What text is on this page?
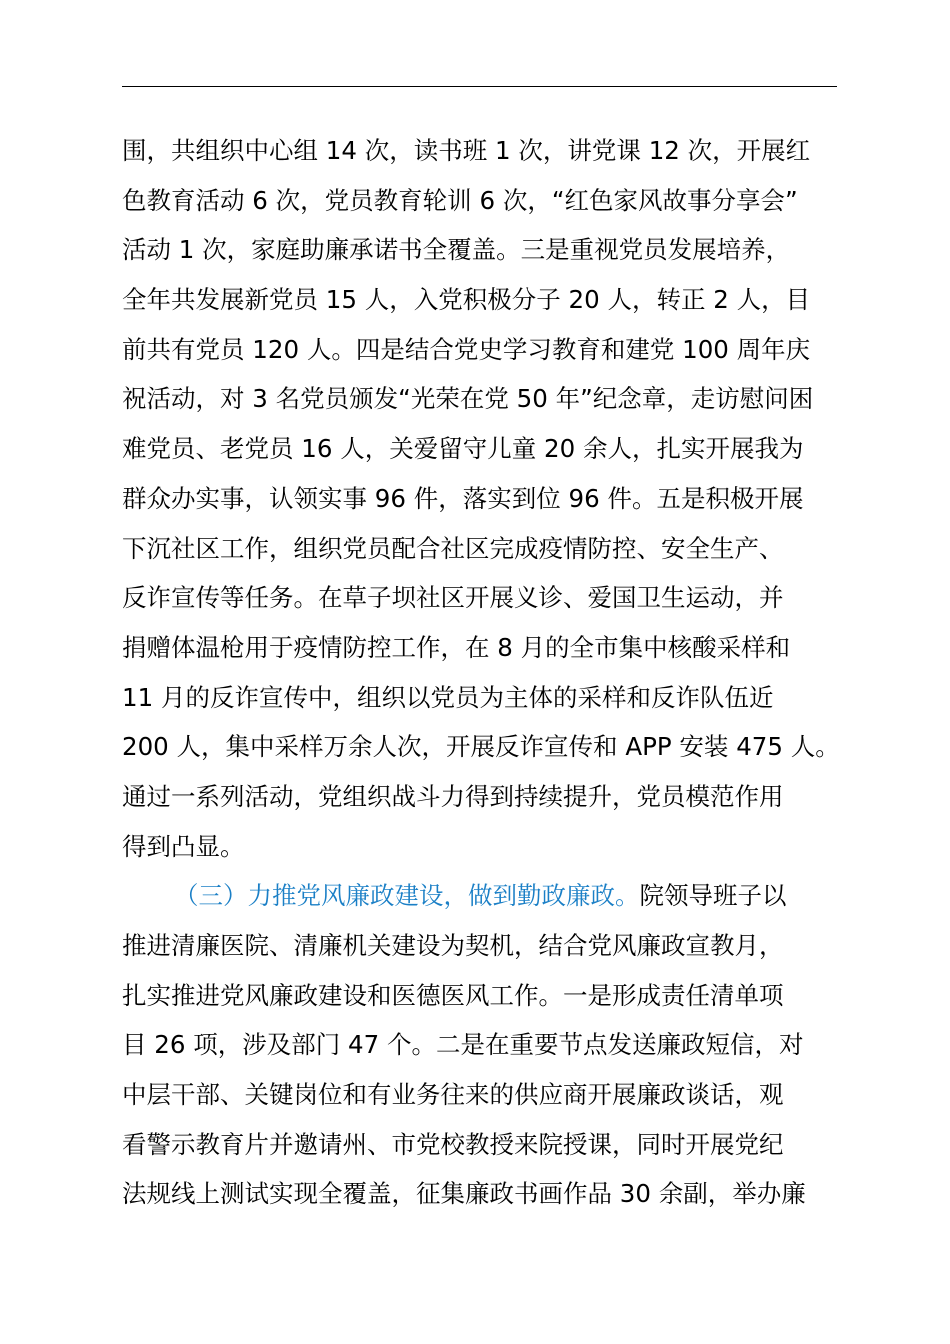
围，共组织中心组 14 次，读书班 1 次，讲党课 12 次，开展红
色教育活动 6 次，党员教育轮训 6 次，“红色家风故事分享会”
活动 1 次，家庭助廉承诺书全覆盖。三是重视党员发展培养，
全年共发展新党员 15 人，入党积极分子 20 人，转正 2 人，目
前共有党员 120 人。四是结合党史学习教育和建党 100 周年庆
祝活动，对 3 名党员颁发“光荣在党 50 年”纪念章，走访慰问困
难党员、老党员 16 人，关爱留守儿童 20 余人，扎实开展我为
群众办实事，认领实事 96 件，落实到位 96 件。五是积极开展
下沉社区工作，组织党员配合社区完成疫情防控、安全生产、
反诈宣传等任务。在草子坝社区开展义诊、爱国卫生运动，并
捐赠体温枪用于疫情防控工作，在 8 月的全市集中核酸采样和
11 月的反诈宣传中，组织以党员为主体的采样和反诈队伍近
200 人，集中采样万余人次，开展反诈宣传和 APP 安装 475 人。
通过一系列活动，党组织战斗力得到持续提升，党员模范作用
得到凸显。
（三）力推党风廉政建设，做到勤政廉政。院领导班子以
推进清廉医院、清廉机关建设为契机，结合党风廉政宣教月，
扎实推进党风廉政建设和医德医风工作。一是形成责任清单项
目 26 项，涉及部门 47 个。二是在重要节点发送廉政短信，对
中层干部、关键岗位和有业务往来的供应商开展廉政谈话，观
看警示教育片并邀请州、市党校教授来院授课，同时开展党纪
法规线上测试实现全覆盖，征集廉政书画作品 30 余副，举办廉
